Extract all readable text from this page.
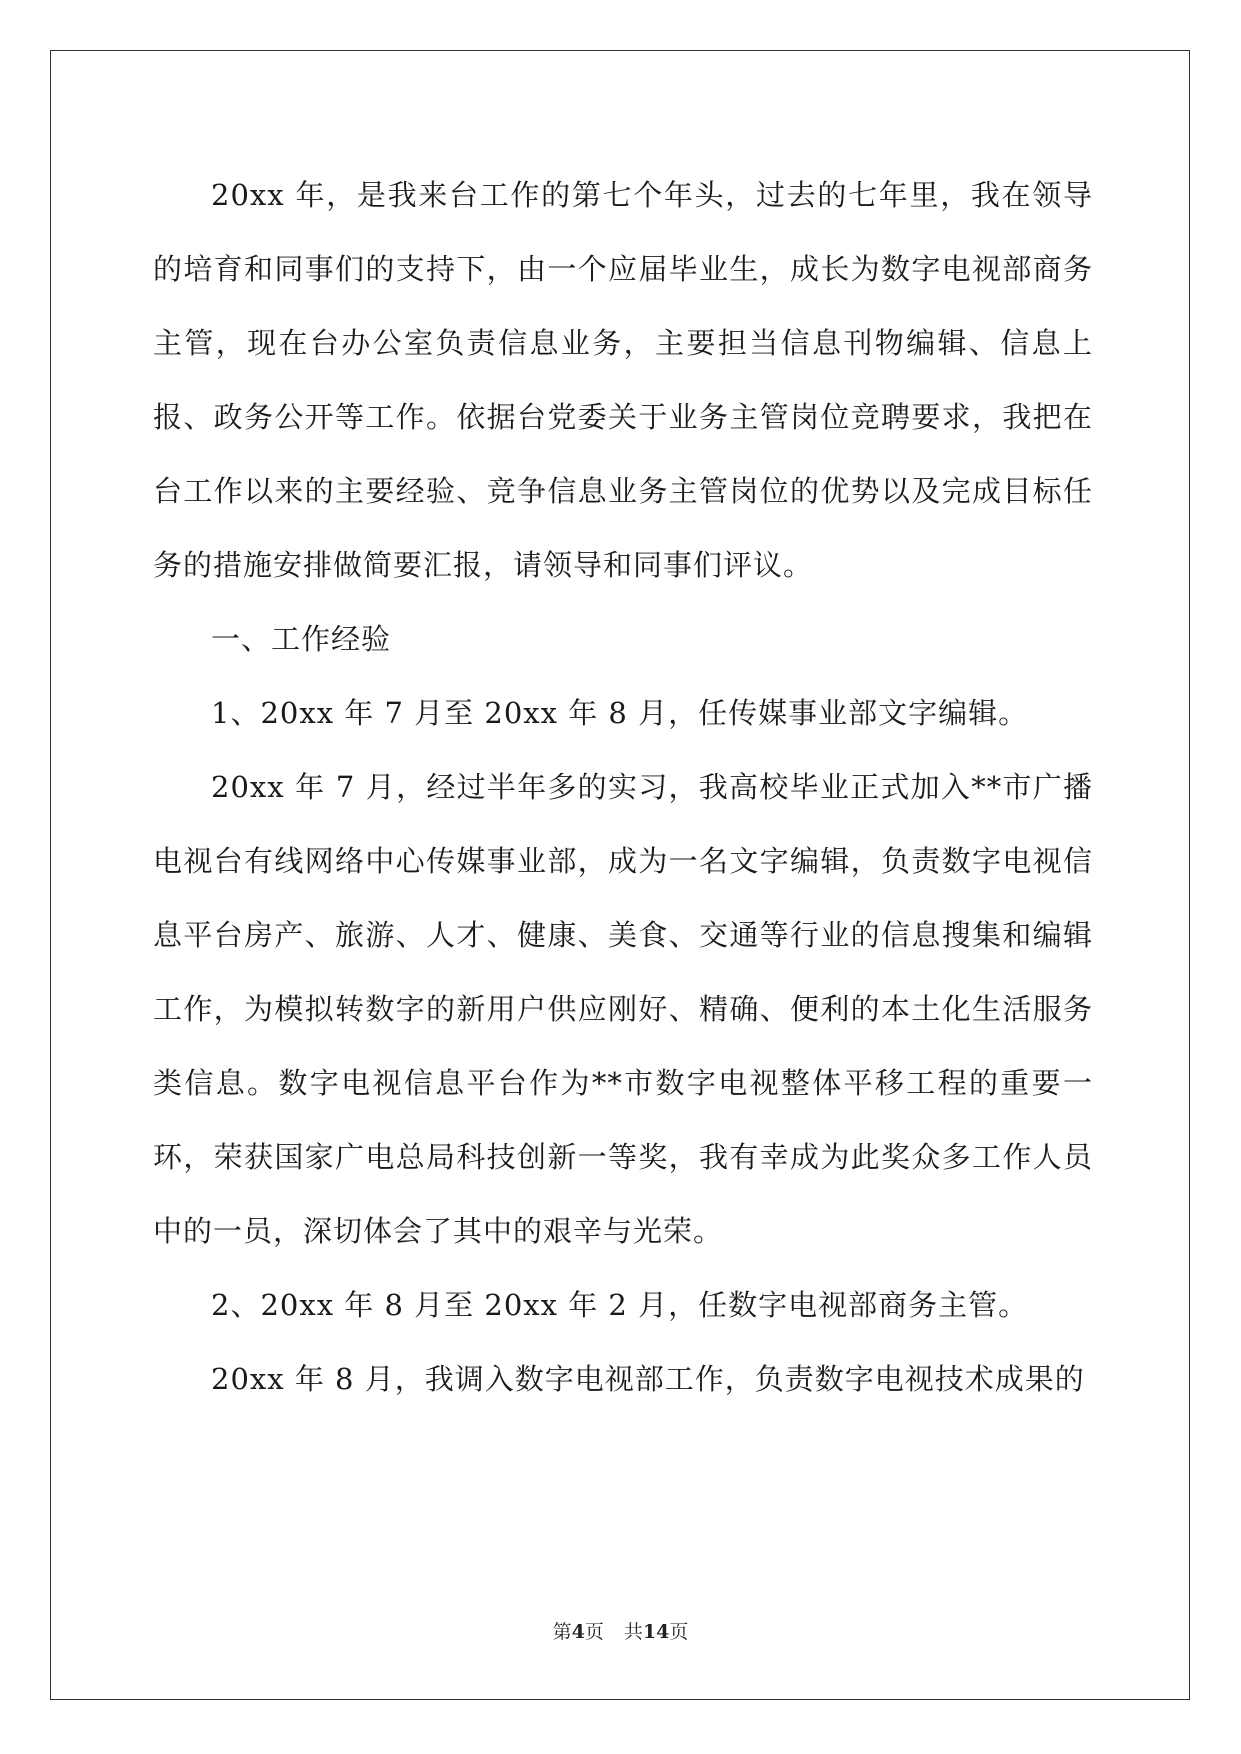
20xx 年，是我来台工作的第七个年头，过去的七年里，我在领导的培育和同事们的支持下，由一个应届毕业生，成长为数字电视部商务主管，现在台办公室负责信息业务，主要担当信息刊物编辑、信息上报、政务公开等工作。依据台党委关于业务主管岗位竞聘要求，我把在台工作以来的主要经验、竞争信息业务主管岗位的优势以及完成目标任务的措施安排做简要汇报，请领导和同事们评议。

一、工作经验

1、20xx 年 7 月至 20xx 年 8 月，任传媒事业部文字编辑。

20xx 年 7 月，经过半年多的实习，我高校毕业正式加入**市广播电视台有线网络中心传媒事业部，成为一名文字编辑，负责数字电视信息平台房产、旅游、人才、健康、美食、交通等行业的信息搜集和编辑工作，为模拟转数字的新用户供应刚好、精确、便利的本土化生活服务类信息。数字电视信息平台作为**市数字电视整体平移工程的重要一环，荣获国家广电总局科技创新一等奖，我有幸成为此奖众多工作人员中的一员，深切体会了其中的艰辛与光荣。

2、20xx 年 8 月至 20xx 年 2 月，任数字电视部商务主管。

20xx 年 8 月，我调入数字电视部工作，负责数字电视技术成果的

第4页 共14页
